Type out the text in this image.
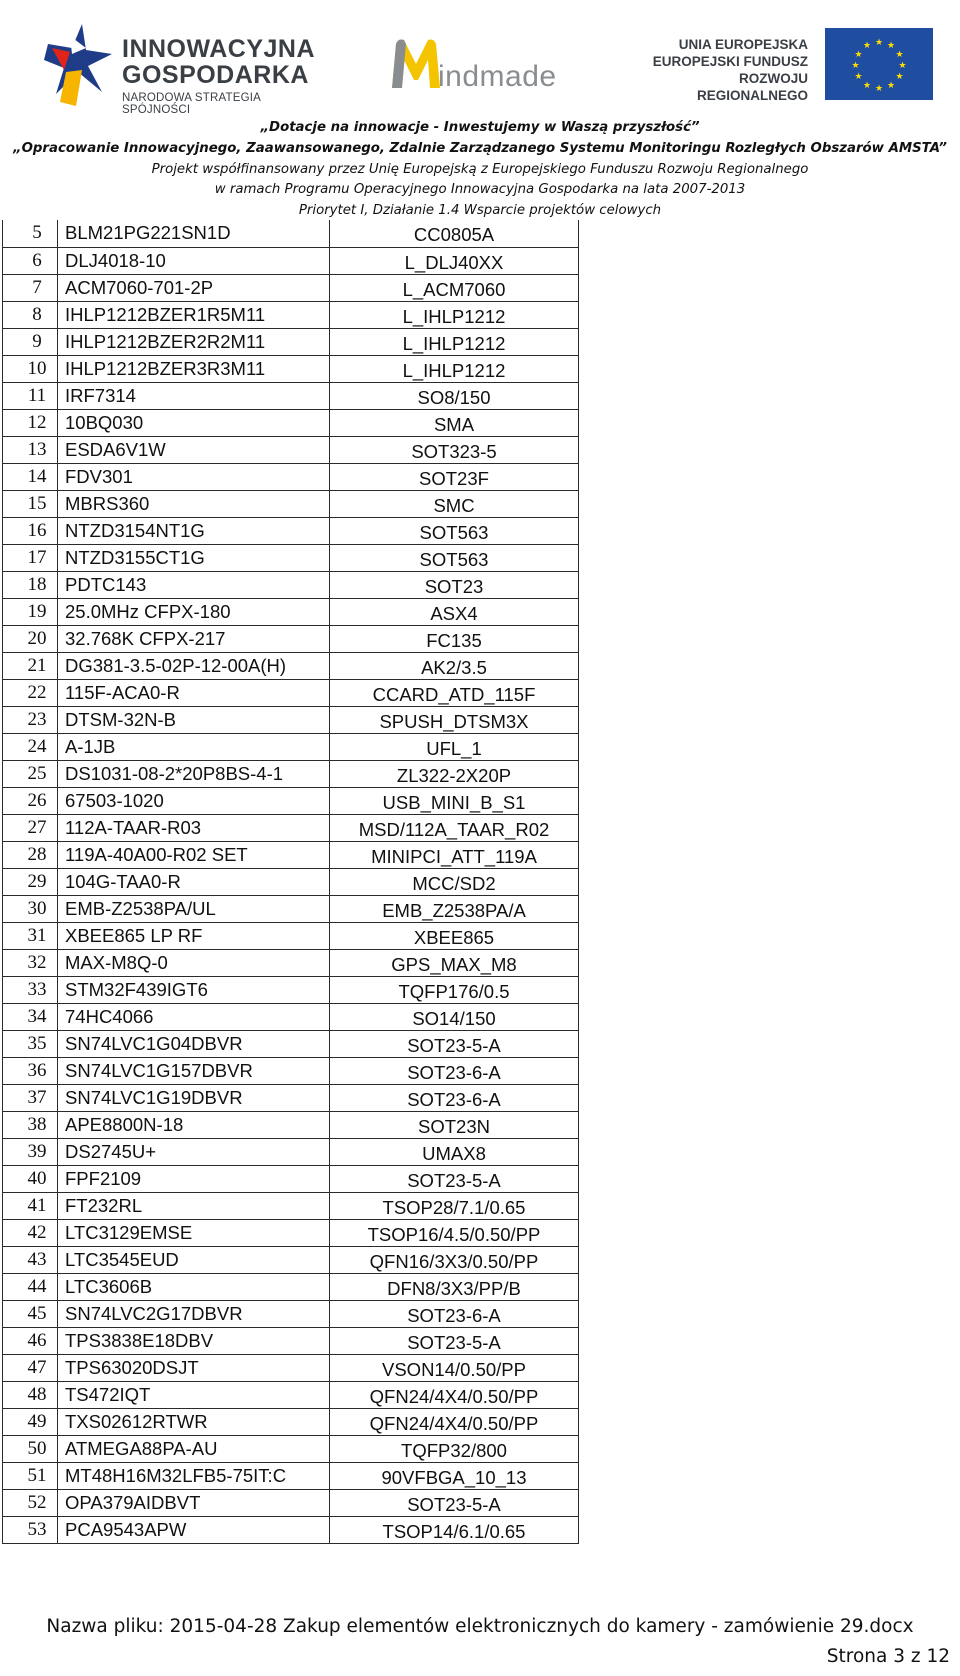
INNOWACYJNA
GOSPODARKA
NARODOWA STRATEGIA SPÓJNOŚCI
indmade
UNIA EUROPEJSKA
EUROPEJSKI FUNDUSZ
ROZWOJU REGIONALNEGO
★ ★
★
★
★
★
★
★
★
★
★
★
„Dotacje na innowacje - Inwestujemy w Waszą przyszłość”
„Opracowanie Innowacyjnego, Zaawansowanego, Zdalnie Zarządzanego Systemu Monitoringu Rozległych Obszarów AMSTA”
Projekt współfinansowany przez Unię Europejską z Europejskiego Funduszu Rozwoju Regionalnego
w ramach Programu Operacyjnego Innowacyjna Gospodarka na lata 2007-2013
Priorytet I, Działanie 1.4 Wsparcie projektów celowych
5	BLM21PG221SN1D	CC0805A
6	DLJ4018-10	L_DLJ40XX
7	ACM7060-701-2P	L_ACM7060
8	IHLP1212BZER1R5M11	L_IHLP1212
9	IHLP1212BZER2R2M11	L_IHLP1212
10	IHLP1212BZER3R3M11	L_IHLP1212
11	IRF7314	SO8/150
12	10BQ030	SMA
13	ESDA6V1W	SOT323-5
14	FDV301	SOT23F
15	MBRS360	SMC
16	NTZD3154NT1G	SOT563
17	NTZD3155CT1G	SOT563
18	PDTC143	SOT23
19	25.0MHz CFPX-180	ASX4
20	32.768K CFPX-217	FC135
21	DG381-3.5-02P-12-00A(H)	AK2/3.5
22	115F-ACA0-R	CCARD_ATD_115F
23	DTSM-32N-B	SPUSH_DTSM3X
24	A-1JB	UFL_1
25	DS1031-08-2*20P8BS-4-1	ZL322-2X20P
26	67503-1020	USB_MINI_B_S1
27	112A-TAAR-R03	MSD/112A_TAAR_R02
28	119A-40A00-R02 SET	MINIPCI_ATT_119A
29	104G-TAA0-R	MCC/SD2
30	EMB-Z2538PA/UL	EMB_Z2538PA/A
31	XBEE865 LP RF	XBEE865
32	MAX-M8Q-0	GPS_MAX_M8
33	STM32F439IGT6	TQFP176/0.5
34	74HC4066	SO14/150
35	SN74LVC1G04DBVR	SOT23-5-A
36	SN74LVC1G157DBVR	SOT23-6-A
37	SN74LVC1G19DBVR	SOT23-6-A
38	APE8800N-18	SOT23N
39	DS2745U+	UMAX8
40	FPF2109	SOT23-5-A
41	FT232RL	TSOP28/7.1/0.65
42	LTC3129EMSE	TSOP16/4.5/0.50/PP
43	LTC3545EUD	QFN16/3X3/0.50/PP
44	LTC3606B	DFN8/3X3/PP/B
45	SN74LVC2G17DBVR	SOT23-6-A
46	TPS3838E18DBV	SOT23-5-A
47	TPS63020DSJT	VSON14/0.50/PP
48	TS472IQT	QFN24/4X4/0.50/PP
49	TXS02612RTWR	QFN24/4X4/0.50/PP
50	ATMEGA88PA-AU	TQFP32/800
51	MT48H16M32LFB5-75IT:C	90VFBGA_10_13
52	OPA379AIDBVT	SOT23-5-A
53	PCA9543APW	TSOP14/6.1/0.65
Nazwa pliku: 2015-04-28 Zakup elementów elektronicznych do kamery - zamówienie 29.docx
Strona 3 z 12
